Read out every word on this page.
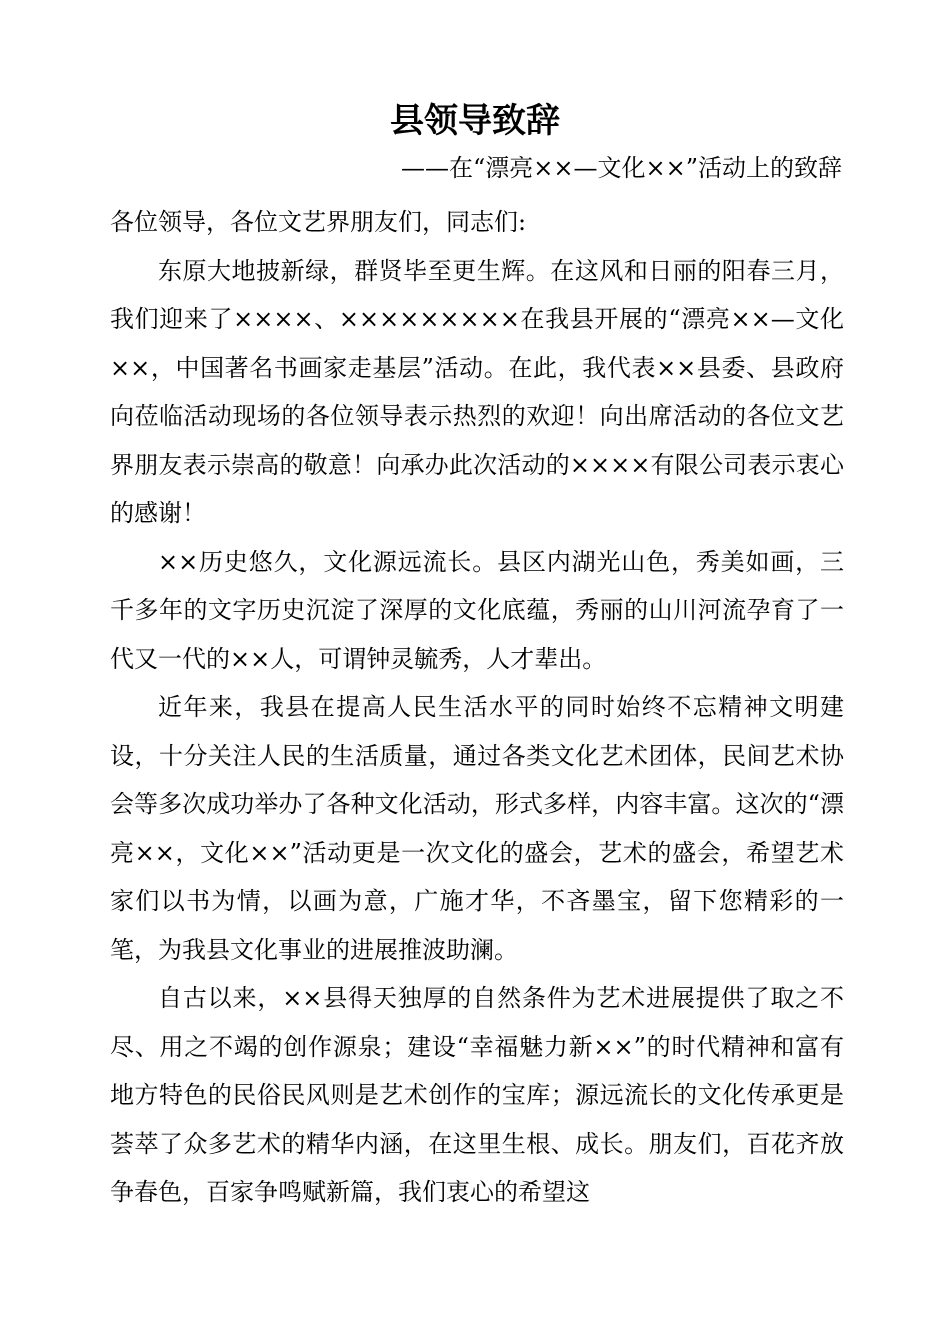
县领导致辞

——在“漂亮××—文化××”活动上的致辞

各位领导，各位文艺界朋友们，同志们:

东原大地披新绿，群贤毕至更生辉。在这风和日丽的阳春三月，我们迎来了××××、×××××××××在我县开展的“漂亮××—文化××，中国著名书画家走基层”活动。在此，我代表××县委、县政府向莅临活动现场的各位领导表示热烈的欢迎！向出席活动的各位文艺界朋友表示崇高的敬意！向承办此次活动的××××有限公司表示衷心的感谢！

××历史悠久，文化源远流长。县区内湖光山色，秀美如画，三千多年的文字历史沉淀了深厚的文化底蕴，秀丽的山川河流孕育了一代又一代的××人，可谓钟灵毓秀，人才辈出。

近年来，我县在提高人民生活水平的同时始终不忘精神文明建设，十分关注人民的生活质量，通过各类文化艺术团体，民间艺术协会等多次成功举办了各种文化活动，形式多样，内容丰富。这次的“漂亮××，文化××”活动更是一次文化的盛会，艺术的盛会，希望艺术家们以书为情，以画为意，广施才华，不吝墨宝，留下您精彩的一笔，为我县文化事业的进展推波助澜。

自古以来，××县得天独厚的自然条件为艺术进展提供了取之不尽、用之不竭的创作源泉；建设“幸福魅力新××”的时代精神和富有地方特色的民俗民风则是艺术创作的宝库；源远流长的文化传承更是荟萃了众多艺术的精华内涵，在这里生根、成长。朋友们，百花齐放争春色，百家争鸣赋新篇，我们衷心的希望这
